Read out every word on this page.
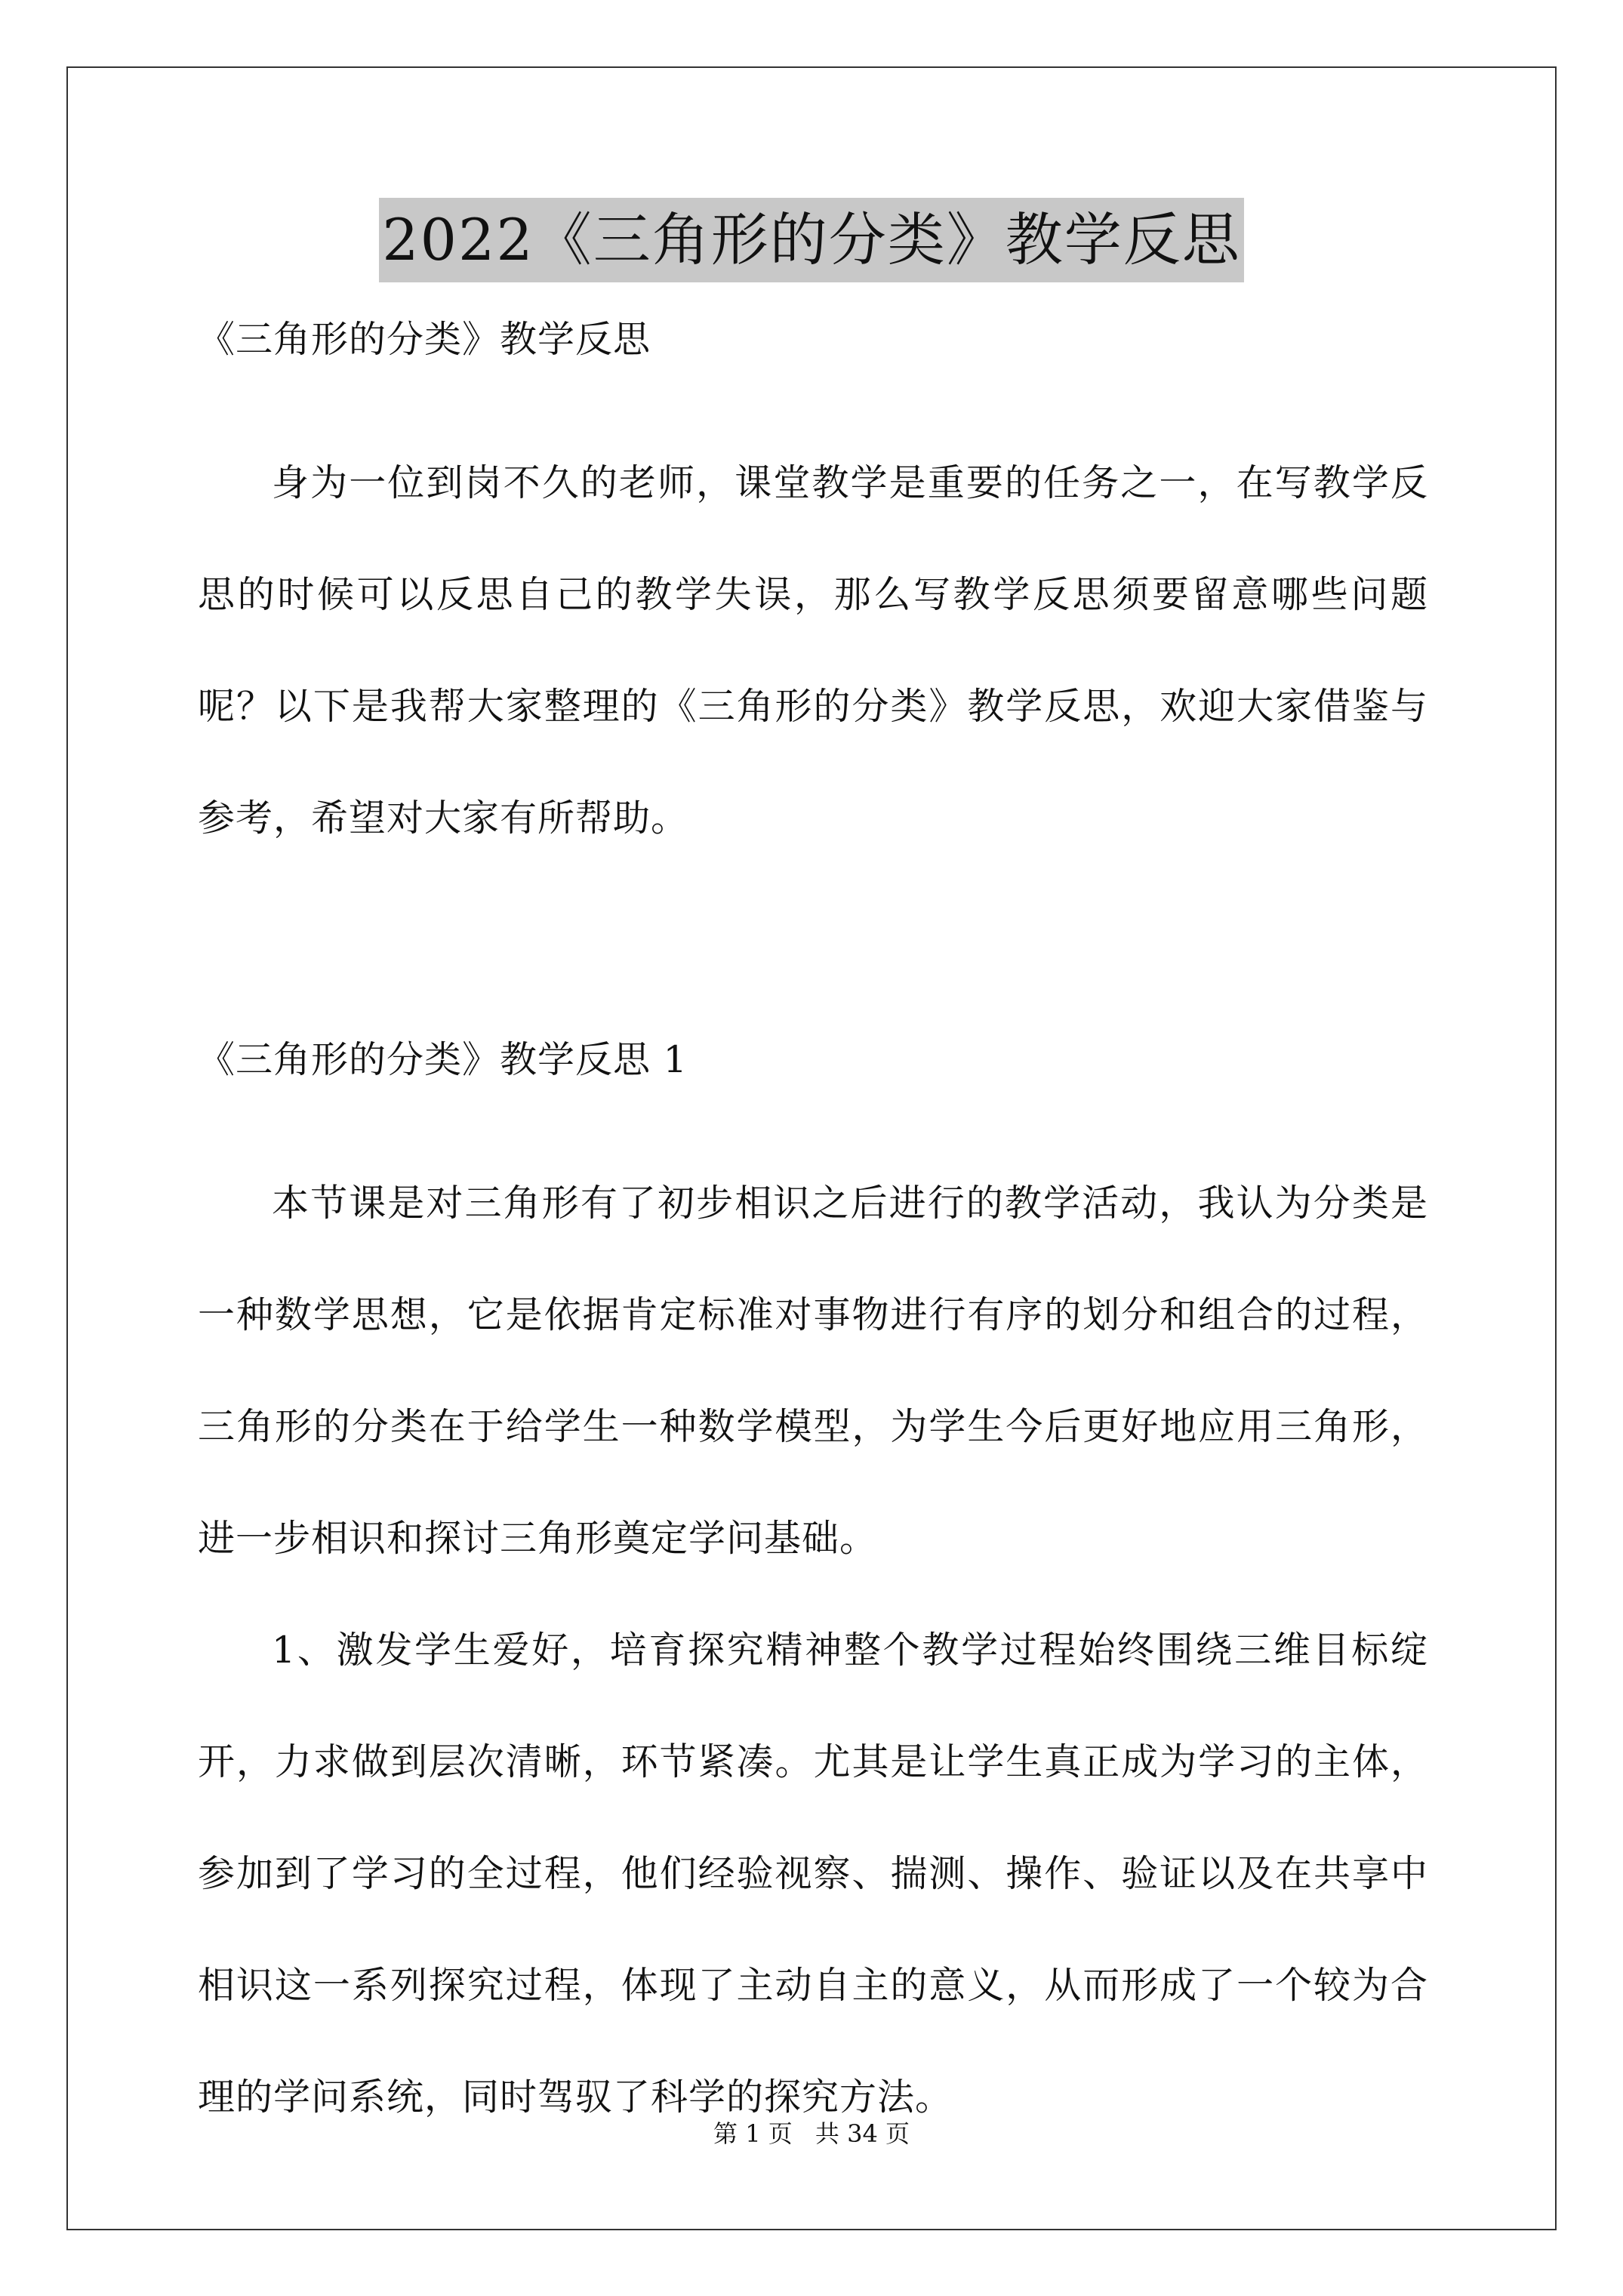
2022《三角形的分类》教学反思

《三角形的分类》教学反思

身为一位到岗不久的老师，课堂教学是重要的任务之一，在写教学反思的时候可以反思自己的教学失误，那么写教学反思须要留意哪些问题呢？以下是我帮大家整理的《三角形的分类》教学反思，欢迎大家借鉴与参考，希望对大家有所帮助。

《三角形的分类》教学反思 1

本节课是对三角形有了初步相识之后进行的教学活动，我认为分类是一种数学思想，它是依据肯定标准对事物进行有序的划分和组合的过程，三角形的分类在于给学生一种数学模型，为学生今后更好地应用三角形，进一步相识和探讨三角形奠定学问基础。

1、激发学生爱好，培育探究精神整个教学过程始终围绕三维目标绽开，力求做到层次清晰，环节紧凑。尤其是让学生真正成为学习的主体，参加到了学习的全过程，他们经验视察、揣测、操作、验证以及在共享中相识这一系列探究过程，体现了主动自主的意义，从而形成了一个较为合理的学问系统，同时驾驭了科学的探究方法。

第 1 页 共 34 页
